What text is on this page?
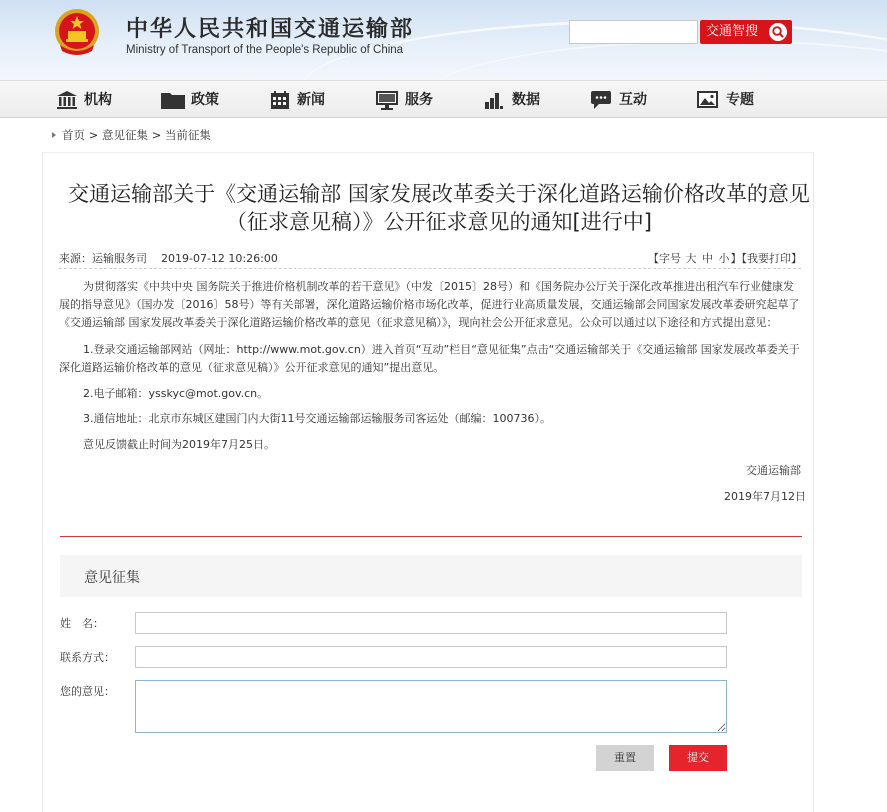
中华人民共和国交通运输部
Ministry of Transport of the People's Republic of China
交通智搜
机构	政策	新闻	服务	数据	互动	专题
首页 > 意见征集 > 当前征集
交通运输部关于《交通运输部 国家发展改革委关于深化道路运输价格改革的意见（征求意见稿）》公开征求意见的通知[进行中]
来源：运输服务司 2019-07-12 10:26:00	【字号 大 中 小】【我要打印】
为贯彻落实《中共中央 国务院关于推进价格机制改革的若干意见》（中发〔2015〕28号）和《国务院办公厅关于深化改革推进出租汽车行业健康发展的指导意见》（国办发〔2016〕58号）等有关部署，深化道路运输价格市场化改革，促进行业高质量发展，交通运输部会同国家发展改革委研究起草了《交通运输部 国家发展改革委关于深化道路运输价格改革的意见（征求意见稿）》，现向社会公开征求意见。公众可以通过以下途径和方式提出意见：
1.登录交通运输部网站（网址：http://www.mot.gov.cn）进入首页“互动”栏目“意见征集”点击“交通运输部关于《交通运输部 国家发展改革委关于深化道路运输价格改革的意见（征求意见稿）》公开征求意见的通知”提出意见。
2.电子邮箱：ysskyc@mot.gov.cn。
3.通信地址：北京市东城区建国门内大街11号交通运输部运输服务司客运处（邮编：100736）。
意见反馈截止时间为2019年7月25日。
交通运输部
2019年7月12日
意见征集
姓　名：
联系方式：
您的意见：
重置	提交
